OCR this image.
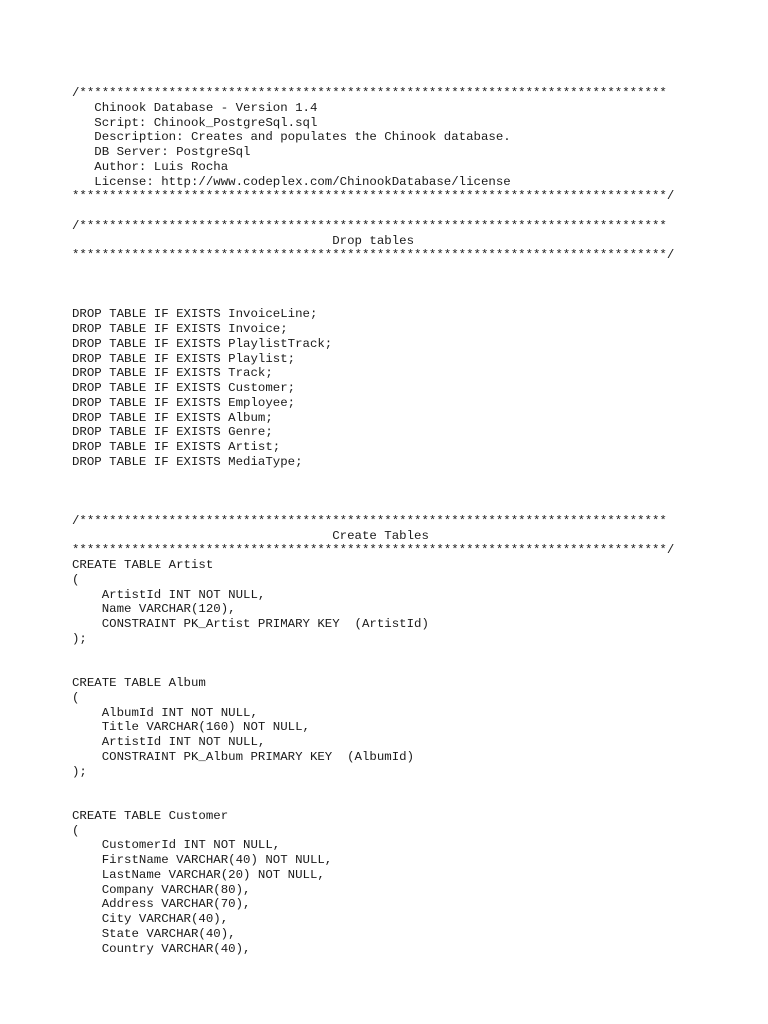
/*******************************************************************************
Chinook Database - Version 1.4
Script: Chinook_PostgreSql.sql
Description: Creates and populates the Chinook database.
DB Server: PostgreSql
Author: Luis Rocha
License: http://www.codeplex.com/ChinookDatabase/license
********************************************************************************/
/*******************************************************************************
Drop tables
********************************************************************************/
DROP TABLE IF EXISTS InvoiceLine;
DROP TABLE IF EXISTS Invoice;
DROP TABLE IF EXISTS PlaylistTrack;
DROP TABLE IF EXISTS Playlist;
DROP TABLE IF EXISTS Track;
DROP TABLE IF EXISTS Customer;
DROP TABLE IF EXISTS Employee;
DROP TABLE IF EXISTS Album;
DROP TABLE IF EXISTS Genre;
DROP TABLE IF EXISTS Artist;
DROP TABLE IF EXISTS MediaType;
/*******************************************************************************
Create Tables
********************************************************************************/
CREATE TABLE Artist
(
ArtistId INT NOT NULL,
Name VARCHAR(120),
CONSTRAINT PK_Artist PRIMARY KEY  (ArtistId)
);
CREATE TABLE Album
(
AlbumId INT NOT NULL,
Title VARCHAR(160) NOT NULL,
ArtistId INT NOT NULL,
CONSTRAINT PK_Album PRIMARY KEY  (AlbumId)
);
CREATE TABLE Customer
(
CustomerId INT NOT NULL,
FirstName VARCHAR(40) NOT NULL,
LastName VARCHAR(20) NOT NULL,
Company VARCHAR(80),
Address VARCHAR(70),
City VARCHAR(40),
State VARCHAR(40),
Country VARCHAR(40),
